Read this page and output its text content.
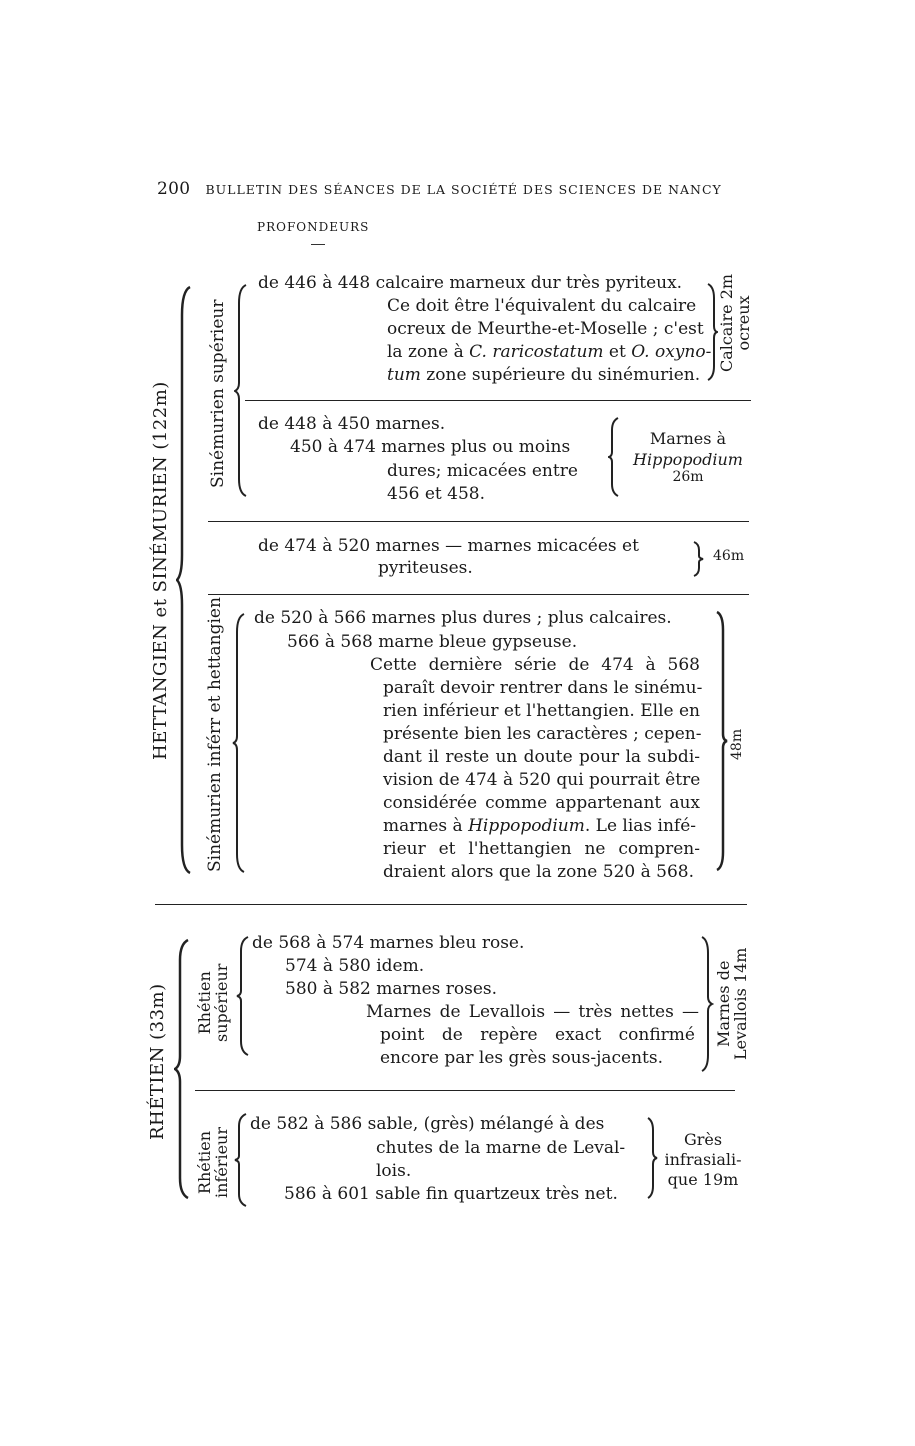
200 BULLETIN DES SÉANCES DE LA SOCIÉTÉ DES SCIENCES DE NANCY
PROFONDEURS
HETTANGIEN et SINÉMURIEN (122m)
RHÉTIEN (33m)
Sinémurien supérieur
Sinémurien inférr et hettangien
Rhétien
supérieur
Rhétien
inférieur
de 446 à 448 calcaire marneux dur très pyriteux.
Ce doit être l'équivalent du calcaire
ocreux de Meurthe-et-Moselle ; c'est
la zone à C. raricostatum et O. oxyno-
tum zone supérieure du sinémurien.
Calcaire 2m
ocreux
de 448 à 450 marnes.
450 à 474 marnes plus ou moins
dures; micacées entre
456 et 458.
Marnes à
Hippopodium
26m
de 474 à 520 marnes — marnes micacées et
pyriteuses.
46m
de 520 à 566 marnes plus dures ; plus calcaires.
566 à 568 marne bleue gypseuse.
Cette dernière série de 474 à 568
paraît devoir rentrer dans le sinému-
rien inférieur et l'hettangien. Elle en
présente bien les caractères ; cepen-
dant il reste un doute pour la subdi-
vision de 474 à 520 qui pourrait être
considérée comme appartenant aux
marnes à Hippopodium. Le lias infé-
rieur et l'hettangien ne compren-
draient alors que la zone 520 à 568.
48m
de 568 à 574 marnes bleu rose.
574 à 580 idem.
580 à 582 marnes roses.
Marnes de Levallois — très nettes —
point de repère exact confirmé
encore par les grès sous-jacents.
Marnes de
Levallois 14m
de 582 à 586 sable, (grès) mélangé à des
chutes de la marne de Leval-
lois.
586 à 601 sable fin quartzeux très net.
Grès
infrasiali-
que 19m
